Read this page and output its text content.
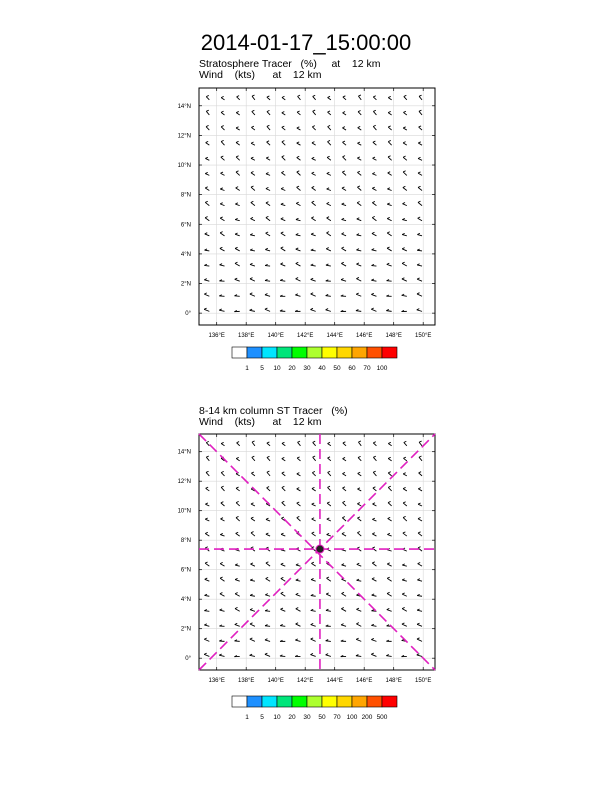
2014-01-17_15:00:00
Stratosphere Tracer   (%)     at    12 km
Wind    (kts)      at    12 km
8-14 km column ST Tracer   (%)
Wind    (kts)      at    12 km
136°E 138°E 140°E 142°E 144°E 146°E 148°E 150°E
0°
2°N
4°N
6°N
8°N
10°N
12°N
14°N
1 5 10 20 30 40 50 60 70 100
136°E 138°E 140°E 142°E 144°E 146°E 148°E 150°E
0°
2°N
4°N
6°N
8°N
10°N
12°N
14°N
1 5 10 20 30 50 70 100 200 500
